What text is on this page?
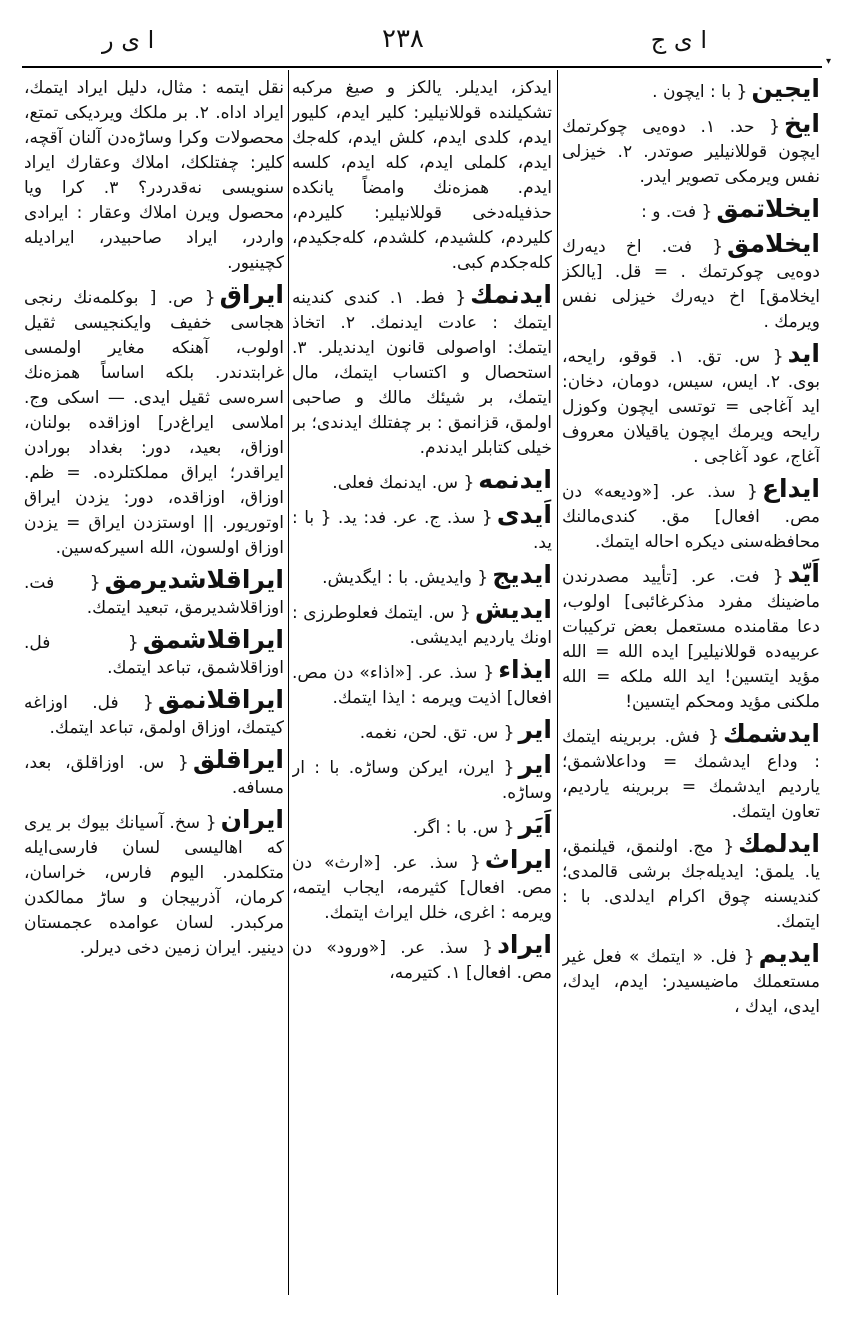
ا ی ر	٢٣٨	ا ی ج
▾
ایجین{ با : ایچون .
ایخ{ حد. ۱. دوه‌یی چوکرتمك ایچون قوللانیلیر صوتدر. ۲. خیزلی نفس ویرمکی تصویر ایدر.
ایخلاتمق{ فت. و :
ایخلامق{ فت. اخ دیه‌رك دوه‌یی چوکرتمك . = قل. [یالکز ایخلامق] اخ دیه‌رك خیزلی نفس ویرمك .
اید{ س. تق. ۱. قوقو، رایحه، بوی. ۲. ایس، سیس، دومان، دخان: اید آغاجی = توتسی ایچون وکوزل رایحه ویرمك ایچون یاقیلان معروف آغاج، عود آغاجی .
ایداع{ سذ. عر. [«ودیعه» دن مص. افعال] مق. کندی‌مالنك محافظه‌سنی دیکره احاله ایتمك.
اَیّد{ فت. عر. [تأیید مصدرندن ماضینك مفرد مذکرغائبی] اولوب، دعا مقامنده مستعمل بعض ترکیبات عربیه‌ده قوللانیلیر] ایده الله = الله مؤید ایتسین! اید الله ملکه = الله ملکنی مؤید ومحکم ایتسین!
ایدشمك{ فش. بربرینه ایتمك : وداع ایدشمك = وداعلاشمق؛ یاردیم ایدشمك = بربرینه یاردیم، تعاون ایتمك.
ایدلمك{ مج. اولنمق، قیلنمق، یا. یلمق: ایدیله‌جك برشی قالمدی؛ کندیسنه چوق اکرام ایدلدی. با : ایتمك.
ایدیم{ فل. « ایتمك » فعل غیر مستعملك ماضیسیدر: ایدم، ایدك، ایدی، ایدك ،
ایدکز، ایدیلر. یالکز و صیغ مرکبه تشکیلنده قوللانیلیر: کلیر ایدم، کلیور ایدم، کلدی ایدم، کلش ایدم، کله‌جك ایدم، کلملی ایدم، کله ایدم، کلسه ایدم. همزه‌نك وامضاً یانكده حذفیله‌دخی قوللانیلیر: کلیردم، کلیردم، کلشیدم، کلشدم، کله‌جکیدم، کله‌جکدم کبی.
ایدنمك{ فط. ۱. کندی کندینه ایتمك : عادت ایدنمك. ۲. اتخاذ ایتمك: اواصولی قانون ایدندیلر. ۳. استحصال و اکتساب ایتمك، مال ایتمك، بر شیئك مالك و صاحبی اولمق، قزانمق : بر چفتلك ایدندی؛ بر خیلی کتابلر ایدندم.
ایدنمه{ س. ایدنمك فعلی.
اَیدی{ سذ. ج. عر. فد: ید. { با : ید.
ایدیج{ وایدیش. با : ایگدیش.
ایدیش{ س. ایتمك فعلوطرزی : اونك یاردیم ایدیشی.
ایذاء{ سذ. عر. [«اذاء» دن مص. افعال] اذیت ویرمه : ایذا ایتمك.
ایر{ س. تق. لحن، نغمه.
ایر{ ایرن، ایرکن وساڑه. با : ار وساڑه.
اَیَر{ س. با : اگر.
ایراث{ سذ. عر. [«ارث» دن مص. افعال] کثیرمه، ایجاب ایتمه، ویرمه : اغری، خلل ایراث ایتمك.
ایراد{ سذ. عر. [«ورود» دن مص. افعال] ۱. کتیرمه،
نقل ایتمه : مثال، دلیل ایراد ایتمك، ایراد اداه. ۲. بر ملکك ویردیکی تمتع، محصولات وکرا وساڑه‌دن آلنان آقچه، کلیر: چفتلکك، املاك وعقارك ایراد سنویسی نه‌قدردر؟ ۳. کرا ویا محصول ویرن املاك وعقار : ایرادی واردر، ایراد صاحبیدر، ایرادیله کچینیور.
ایراق{ ص. [ بوکلمه‌نك رنجی هجاسی خفیف وایکنجیسی ثقیل اولوب، آهنکه مغایر اولمسی غرابتدندر. بلکه اساساً همزه‌نك اسره‌سی ثقیل ایدی. — اسکی وج. املاسی ایراغ‌در] اوزاقده بولنان، اوزاق، بعید، دور: بغداد بورادن ایراقدر؛ ایراق مملکتلرده. = ظم. اوزاق، اوزاقده، دور: یزدن ایراق اوتوریور. || اوستزدن ایراق = یزدن اوزاق اولسون، الله اسیرکه‌سین.
ایراقلاشدیرمق{ فت. اوزاقلاشدیرمق، تبعید ایتمك.
ایراقلاشمق{ فل. اوزاقلاشمق، تباعد ایتمك.
ایراقلانمق{ فل. اوزاغه کیتمك، اوزاق اولمق، تباعد ایتمك.
ایراقلق{ س. اوزاقلق، بعد، مسافه.
ایران{ سخ. آسیانك بیوك بر یری که اهالیسی لسان فارسی‌ایله متکلمدر. الیوم فارس، خراسان، کرمان، آذربیجان و ساڑ ممالکدن مرکبدر. لسان عوامده عجمستان دینیر. ایران زمین دخی دیرلر.
